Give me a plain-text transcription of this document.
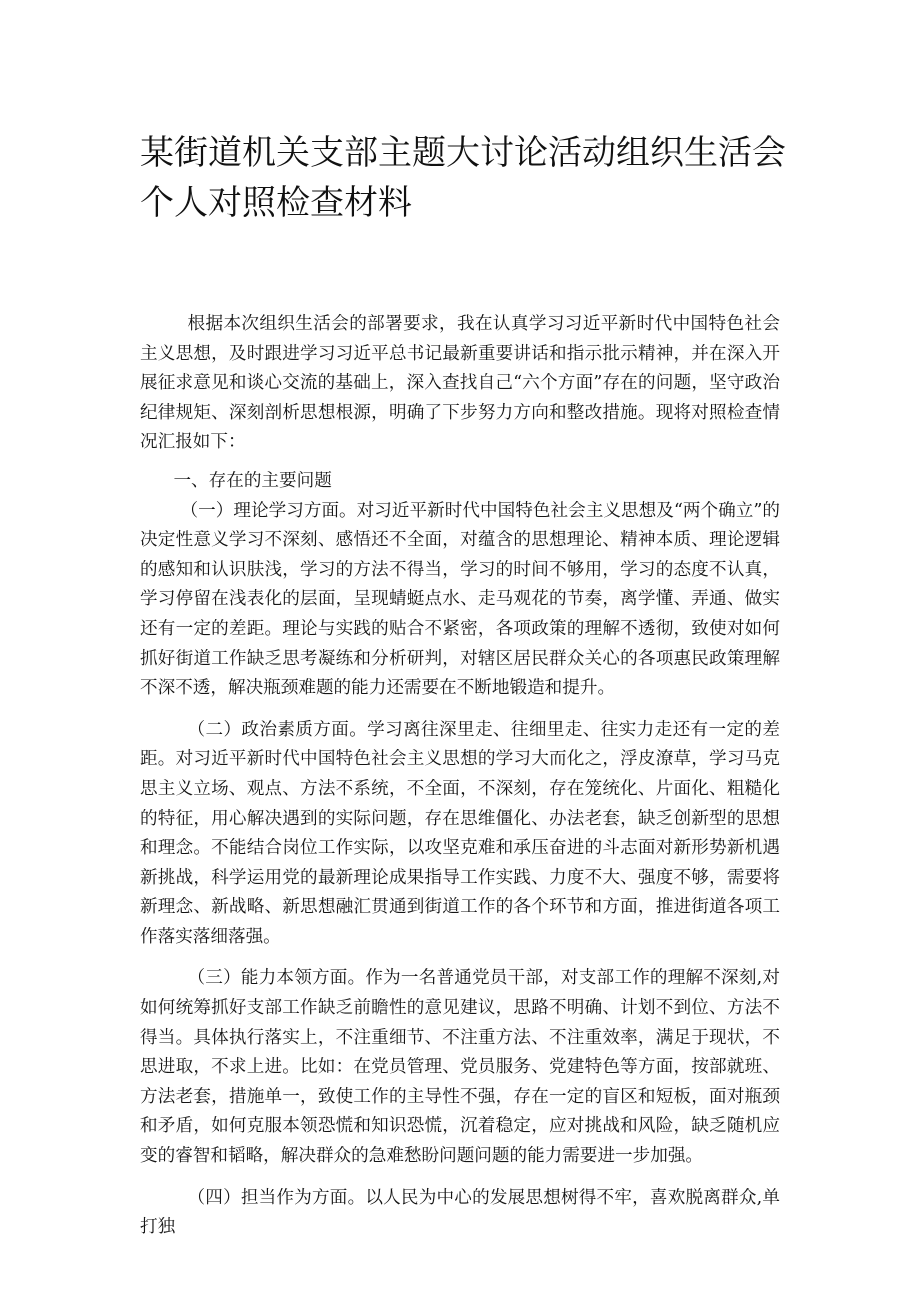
某街道机关支部主题大讨论活动组织生活会个人对照检查材料

根据本次组织生活会的部署要求，我在认真学习习近平新时代中国特色社会主义思想，及时跟进学习习近平总书记最新重要讲话和指示批示精神，并在深入开展征求意见和谈心交流的基础上，深入查找自己“六个方面”存在的问题，坚守政治纪律规矩、深刻剖析思想根源，明确了下步努力方向和整改措施。现将对照检查情况汇报如下：

一、存在的主要问题

（一）理论学习方面。对习近平新时代中国特色社会主义思想及“两个确立”的决定性意义学习不深刻、感悟还不全面，对蕴含的思想理论、精神本质、理论逻辑的感知和认识肤浅，学习的方法不得当，学习的时间不够用，学习的态度不认真，学习停留在浅表化的层面，呈现蜻蜓点水、走马观花的节奏，离学懂、弄通、做实还有一定的差距。理论与实践的贴合不紧密，各项政策的理解不透彻，致使对如何抓好街道工作缺乏思考凝练和分析研判，对辖区居民群众关心的各项惠民政策理解不深不透，解决瓶颈难题的能力还需要在不断地锻造和提升。

（二）政治素质方面。学习离往深里走、往细里走、往实力走还有一定的差距。对习近平新时代中国特色社会主义思想的学习大而化之，浮皮潦草，学习马克思主义立场、观点、方法不系统，不全面，不深刻，存在笼统化、片面化、粗糙化的特征，用心解决遇到的实际问题，存在思维僵化、办法老套，缺乏创新型的思想和理念。不能结合岗位工作实际，以攻坚克难和承压奋进的斗志面对新形势新机遇新挑战，科学运用党的最新理论成果指导工作实践、力度不大、强度不够，需要将新理念、新战略、新思想融汇贯通到街道工作的各个环节和方面，推进街道各项工作落实落细落强。

（三）能力本领方面。作为一名普通党员干部，对支部工作的理解不深刻,对如何统筹抓好支部工作缺乏前瞻性的意见建议，思路不明确、计划不到位、方法不得当。具体执行落实上，不注重细节、不注重方法、不注重效率，满足于现状，不思进取，不求上进。比如：在党员管理、党员服务、党建特色等方面，按部就班、方法老套，措施单一，致使工作的主导性不强，存在一定的盲区和短板，面对瓶颈和矛盾，如何克服本领恐慌和知识恐慌，沉着稳定，应对挑战和风险，缺乏随机应变的睿智和韬略，解决群众的急难愁盼问题问题的能力需要进一步加强。

（四）担当作为方面。以人民为中心的发展思想树得不牢，喜欢脱离群众,单打独
